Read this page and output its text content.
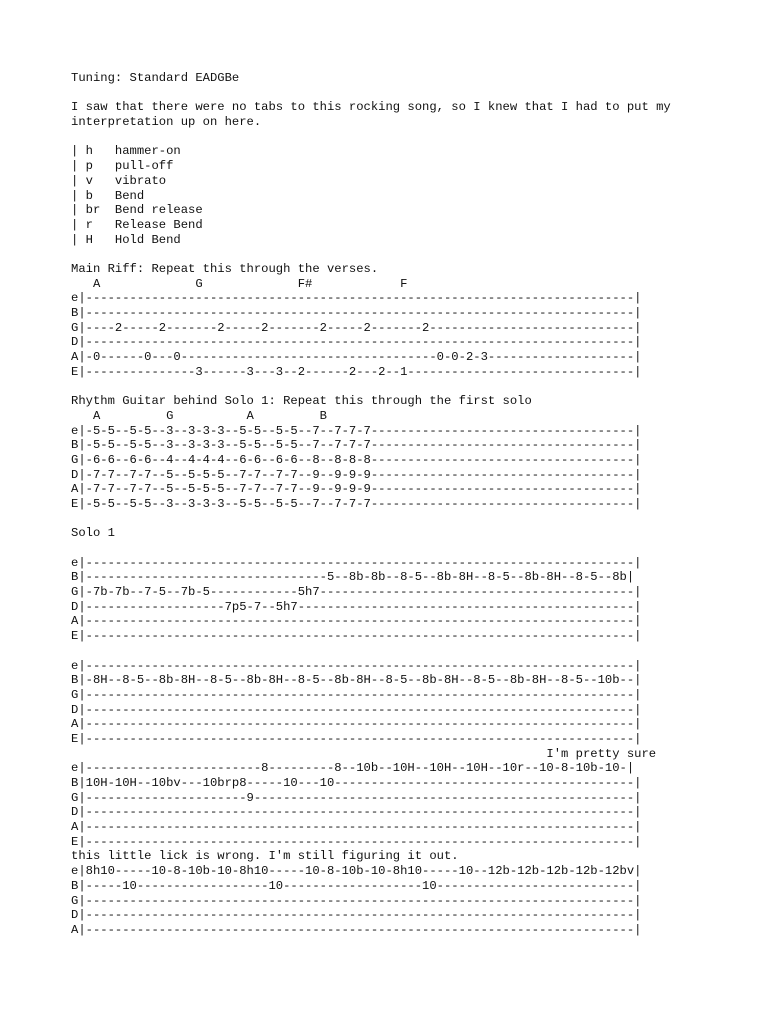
Tuning: Standard EADGBe
I saw that there were no tabs to this rocking song, so I knew that I had to put my
interpretation up on here.
| h   hammer-on
| p   pull-off
| v   vibrato
| b   Bend
| br  Bend release
| r   Release Bend
| H   Hold Bend
Main Riff: Repeat this through the verses.
A             G             F#            F
e|---------------------------------------------------------------------------|
B|---------------------------------------------------------------------------|
G|----2-----2-------2-----2-------2-----2-------2----------------------------|
D|---------------------------------------------------------------------------|
A|-0------0---0-----------------------------------0-0-2-3--------------------|
E|---------------3------3---3--2------2---2--1-------------------------------|
Rhythm Guitar behind Solo 1: Repeat this through the first solo
A         G          A         B
e|-5-5--5-5--3--3-3-3--5-5--5-5--7--7-7-7------------------------------------|
B|-5-5--5-5--3--3-3-3--5-5--5-5--7--7-7-7------------------------------------|
G|-6-6--6-6--4--4-4-4--6-6--6-6--8--8-8-8------------------------------------|
D|-7-7--7-7--5--5-5-5--7-7--7-7--9--9-9-9------------------------------------|
A|-7-7--7-7--5--5-5-5--7-7--7-7--9--9-9-9------------------------------------|
E|-5-5--5-5--3--3-3-3--5-5--5-5--7--7-7-7------------------------------------|
Solo 1
e|---------------------------------------------------------------------------|
B|---------------------------------5--8b-8b--8-5--8b-8H--8-5--8b-8H--8-5--8b|
G|-7b-7b--7-5--7b-5------------5h7-------------------------------------------|
D|-------------------7p5-7--5h7----------------------------------------------|
A|---------------------------------------------------------------------------|
E|---------------------------------------------------------------------------|
e|---------------------------------------------------------------------------|
B|-8H--8-5--8b-8H--8-5--8b-8H--8-5--8b-8H--8-5--8b-8H--8-5--8b-8H--8-5--10b--|
G|---------------------------------------------------------------------------|
D|---------------------------------------------------------------------------|
A|---------------------------------------------------------------------------|
E|---------------------------------------------------------------------------|
I'm pretty sure
e|------------------------8---------8--10b--10H--10H--10H--10r--10-8-10b-10-|
B|10H-10H--10bv---10brp8-----10---10-----------------------------------------|
G|----------------------9----------------------------------------------------|
D|---------------------------------------------------------------------------|
A|---------------------------------------------------------------------------|
E|---------------------------------------------------------------------------|
this little lick is wrong. I'm still figuring it out.
e|8h10-----10-8-10b-10-8h10-----10-8-10b-10-8h10-----10--12b-12b-12b-12b-12bv|
B|-----10------------------10-------------------10---------------------------|
G|---------------------------------------------------------------------------|
D|---------------------------------------------------------------------------|
A|---------------------------------------------------------------------------|
